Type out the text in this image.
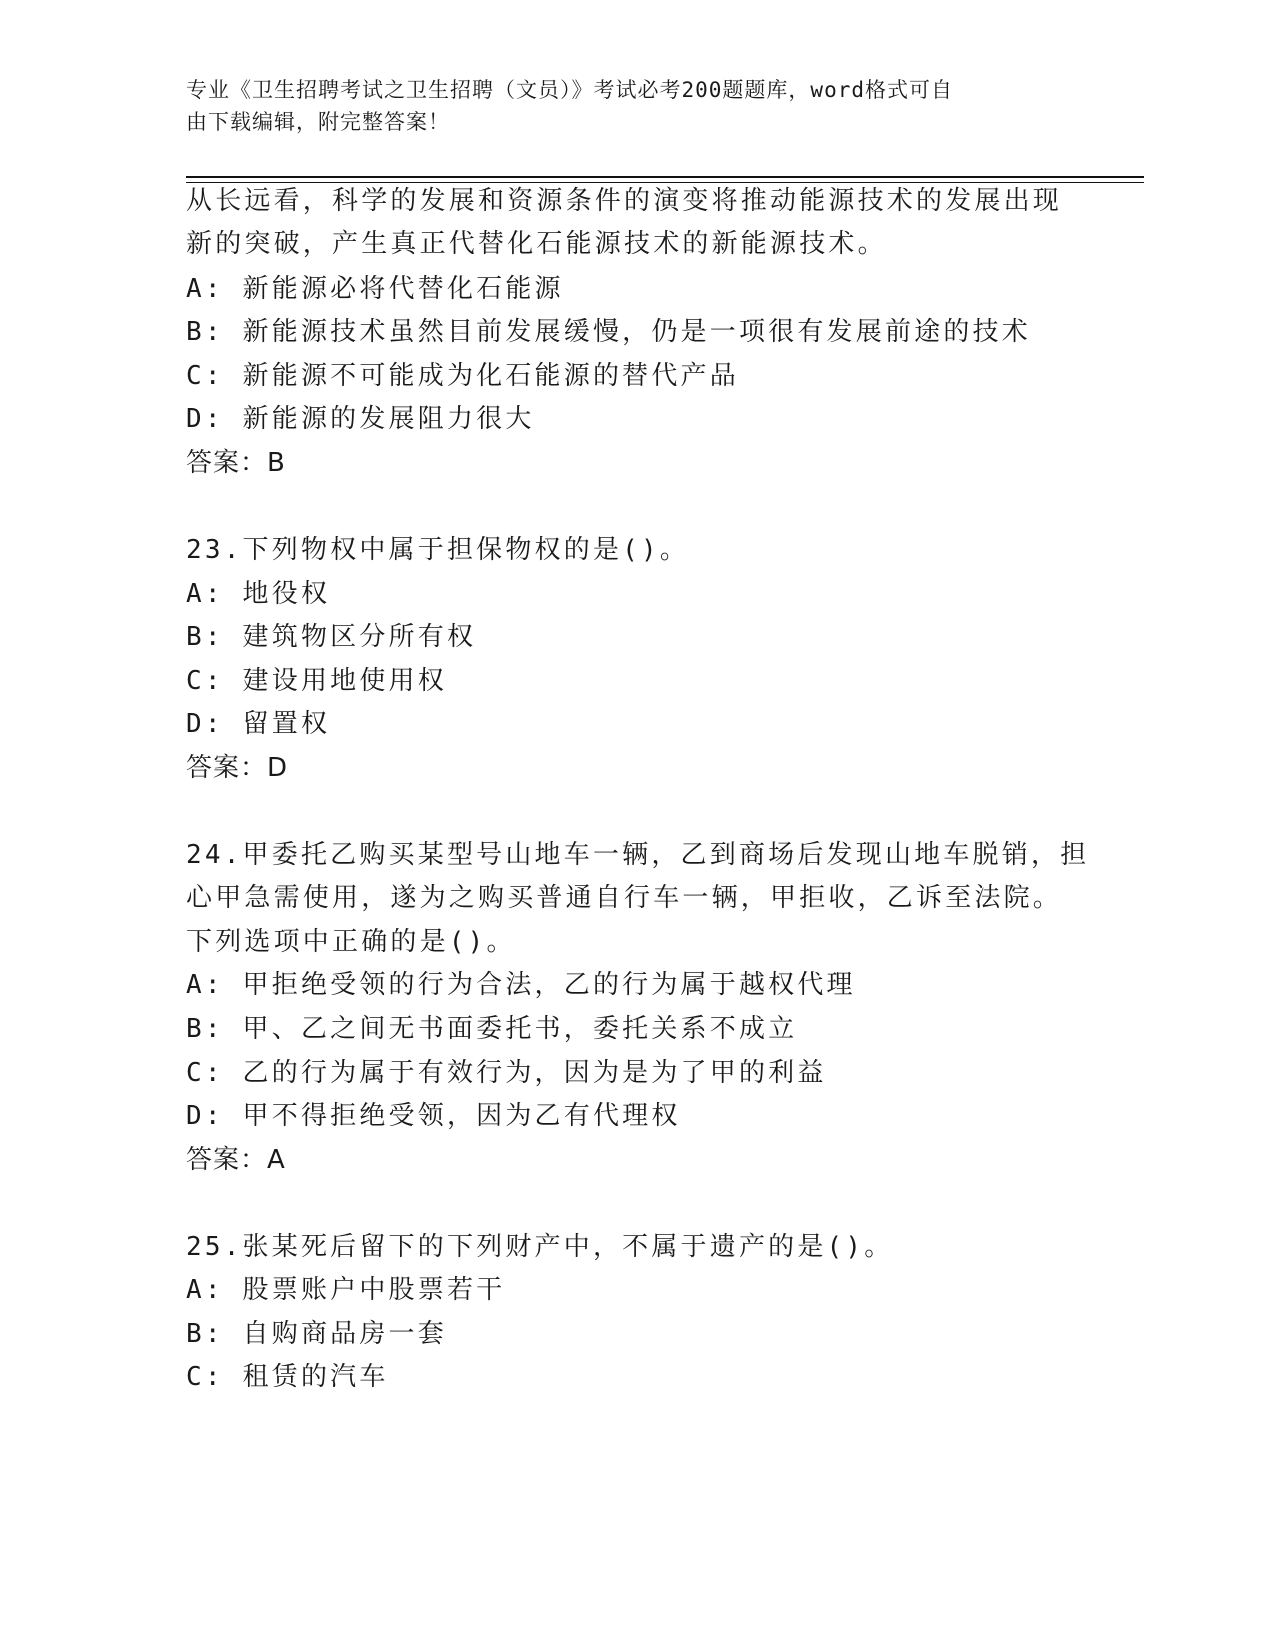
专业《卫生招聘考试之卫生招聘（文员）》考试必考200题题库，word格式可自
由下载编辑，附完整答案！
从长远看，科学的发展和资源条件的演变将推动能源技术的发展出现
新的突破，产生真正代替化石能源技术的新能源技术。
A: 新能源必将代替化石能源
B: 新能源技术虽然目前发展缓慢，仍是一项很有发展前途的技术
C: 新能源不可能成为化石能源的替代产品
D: 新能源的发展阻力很大
答案：B
23.下列物权中属于担保物权的是()。
A: 地役权
B: 建筑物区分所有权
C: 建设用地使用权
D: 留置权
答案：D
24.甲委托乙购买某型号山地车一辆，乙到商场后发现山地车脱销，担
心甲急需使用，遂为之购买普通自行车一辆，甲拒收，乙诉至法院。
下列选项中正确的是()。
A: 甲拒绝受领的行为合法，乙的行为属于越权代理
B: 甲、乙之间无书面委托书，委托关系不成立
C: 乙的行为属于有效行为，因为是为了甲的利益
D: 甲不得拒绝受领，因为乙有代理权
答案：A
25.张某死后留下的下列财产中，不属于遗产的是()。
A: 股票账户中股票若干
B: 自购商品房一套
C: 租赁的汽车
